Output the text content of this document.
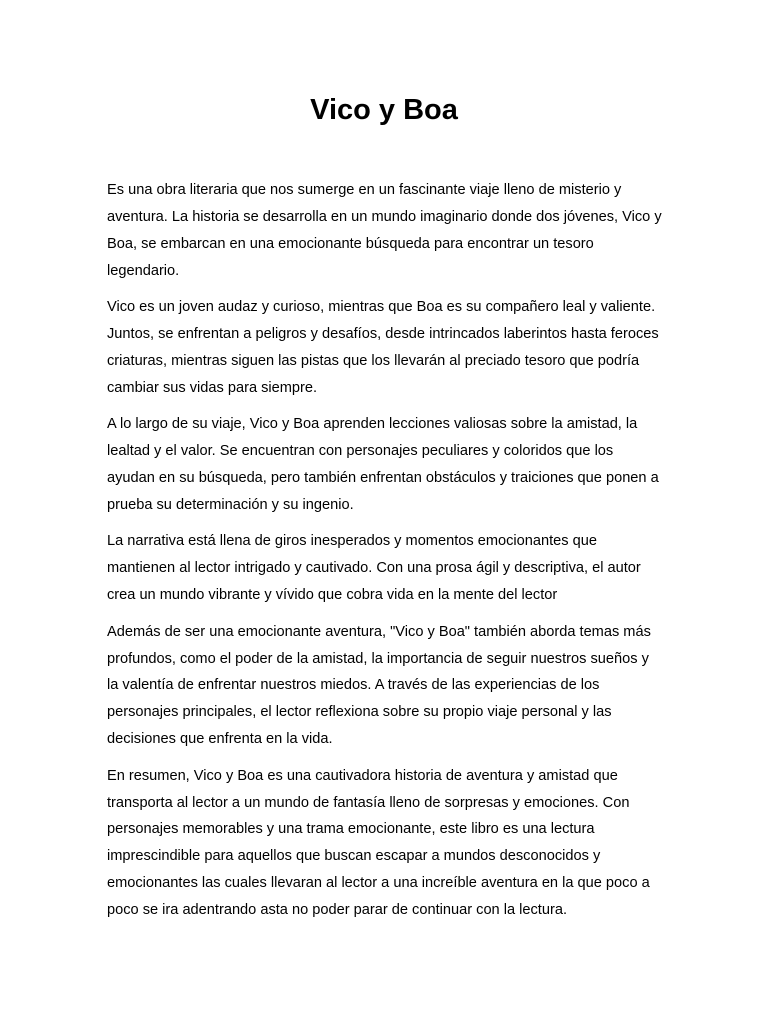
Vico y Boa

Es una obra literaria que nos sumerge en un fascinante viaje lleno de misterio y aventura. La historia se desarrolla en un mundo imaginario donde dos jóvenes, Vico y Boa, se embarcan en una emocionante búsqueda para encontrar un tesoro legendario.

Vico es un joven audaz y curioso, mientras que Boa es su compañero leal y valiente. Juntos, se enfrentan a peligros y desafíos, desde intrincados laberintos hasta feroces criaturas, mientras siguen las pistas que los llevarán al preciado tesoro que podría cambiar sus vidas para siempre.

A lo largo de su viaje, Vico y Boa aprenden lecciones valiosas sobre la amistad, la lealtad y el valor. Se encuentran con personajes peculiares y coloridos que los ayudan en su búsqueda, pero también enfrentan obstáculos y traiciones que ponen a prueba su determinación y su ingenio.

La narrativa está llena de giros inesperados y momentos emocionantes que mantienen al lector intrigado y cautivado. Con una prosa ágil y descriptiva, el autor crea un mundo vibrante y vívido que cobra vida en la mente del lector

Además de ser una emocionante aventura, "Vico y Boa" también aborda temas más profundos, como el poder de la amistad, la importancia de seguir nuestros sueños y la valentía de enfrentar nuestros miedos. A través de las experiencias de los personajes principales, el lector reflexiona sobre su propio viaje personal y las decisiones que enfrenta en la vida.

En resumen, Vico y Boa es una cautivadora historia de aventura y amistad que transporta al lector a un mundo de fantasía lleno de sorpresas y emociones. Con personajes memorables y una trama emocionante, este libro es una lectura imprescindible para aquellos que buscan escapar a mundos desconocidos y emocionantes las cuales llevaran al lector a una increíble aventura en la que poco a poco se ira adentrando asta no poder parar de continuar con la lectura.
